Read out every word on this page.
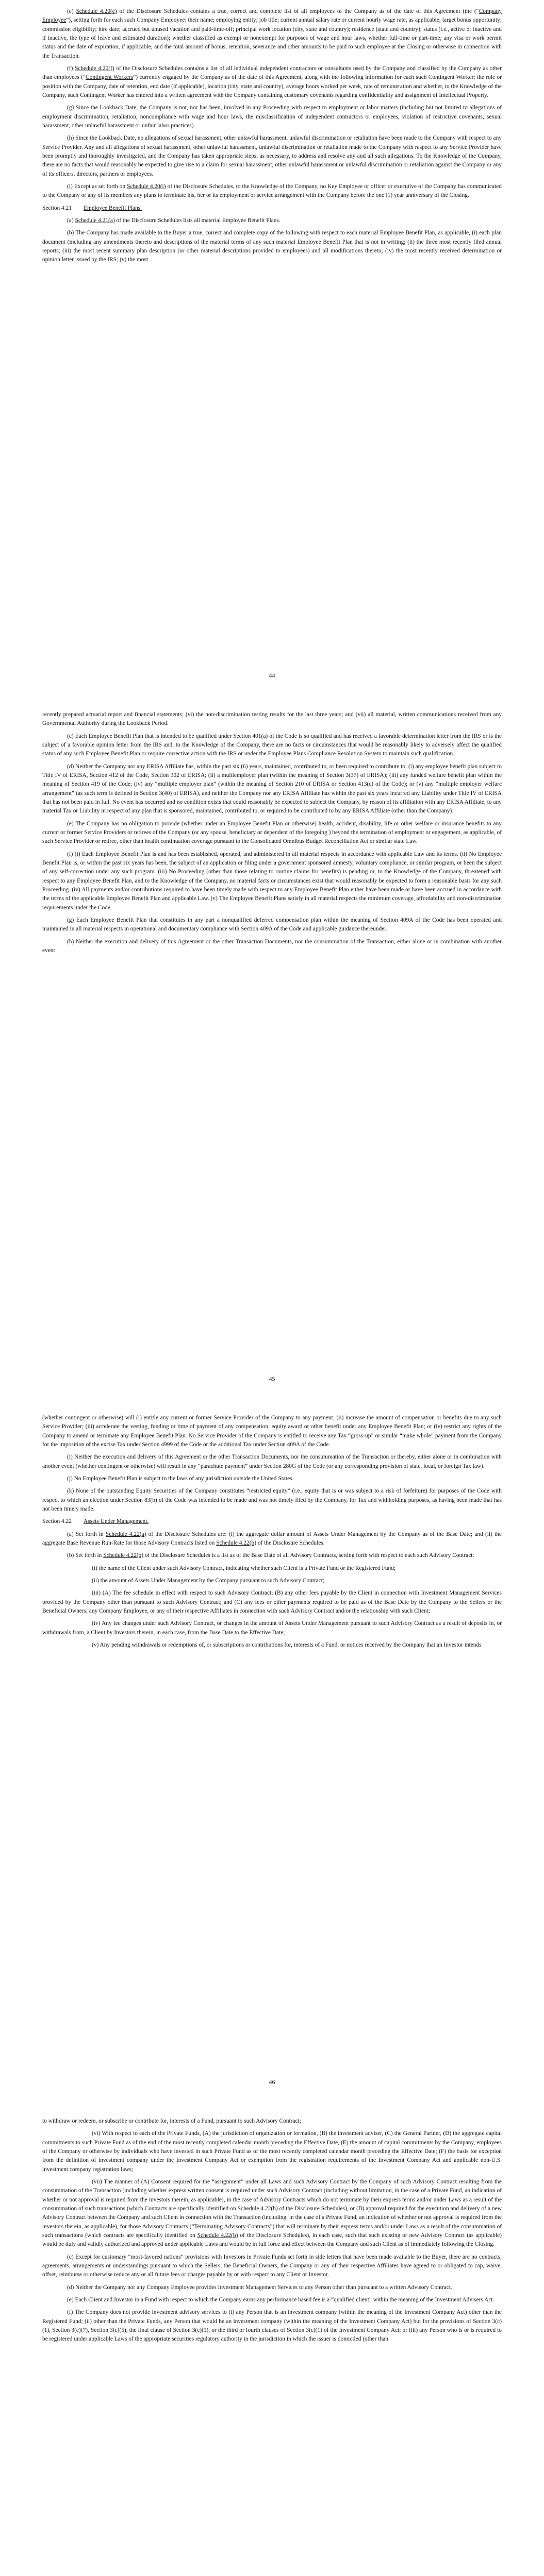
(e) Schedule 4.20(e) of the Disclosure Schedules contains a true, correct and complete list of all employees of the Company as of the date of this Agreement (the (“Company Employee”), setting forth for each such Company Employee: their name; employing entity; job title; current annual salary rate or current hourly wage rate, as applicable; target bonus opportunity; commission eligibility; hire date; accrued but unused vacation and paid-time-off; principal work location (city, state and country); residence (state and country); status (i.e., active or inactive and if inactive, the type of leave and estimated duration); whether classified as exempt or nonexempt for purposes of wage and hour laws, whether full-time or part-time; any visa or work permit status and the date of expiration, if applicable; and the total amount of bonus, retention, severance and other amounts to be paid to such employee at the Closing or otherwise in connection with the Transaction.

(f) Schedule 4.20(f) of the Disclosure Schedules contains a list of all individual independent contractors or consultants used by the Company and classified by the Company as other than employees (“Contingent Workers”) currently engaged by the Company as of the date of this Agreement, along with the following information for each such Contingent Worker: the role or position with the Company, date of retention, end date (if applicable), location (city, state and country), average hours worked per week, rate of remuneration and whether, to the Knowledge of the Company, such Contingent Worker has entered into a written agreement with the Company containing customary covenants regarding confidentiality and assignment of Intellectual Property.

(g) Since the Lookback Date, the Company is not, nor has been, involved in any Proceeding with respect to employment or labor matters (including but not limited to allegations of employment discrimination, retaliation, noncompliance with wage and hour laws, the misclassification of independent contractors or employees, violation of restrictive covenants, sexual harassment, other unlawful harassment or unfair labor practices).

(h) Since the Lookback Date, no allegations of sexual harassment, other unlawful harassment, unlawful discrimination or retaliation have been made to the Company with respect to any Service Provider. Any and all allegations of sexual harassment, other unlawful harassment, unlawful discrimination or retaliation made to the Company with respect to any Service Provider have been promptly and thoroughly investigated, and the Company has taken appropriate steps, as necessary, to address and resolve any and all such allegations. To the Knowledge of the Company, there are no facts that would reasonably be expected to give rise to a claim for sexual harassment, other unlawful harassment or unlawful discrimination or retaliation against the Company or any of its officers, directors, partners or employees.

(i) Except as set forth on Schedule 4.20(i) of the Disclosure Schedules, to the Knowledge of the Company, no Key Employee or officer or executive of the Company has communicated to the Company or any of its members any plans to terminate his, her or its employment or service arrangement with the Company before the one (1) year anniversary of the Closing.

Section 4.21 Employee Benefit Plans.

(a) Schedule 4.21(a) of the Disclosure Schedules lists all material Employee Benefit Plans.

(b) The Company has made available to the Buyer a true, correct and complete copy of the following with respect to each material Employee Benefit Plan, as applicable, (i) each plan document (including any amendments thereto and descriptions of the material terms of any such material Employee Benefit Plan that is not in writing; (ii) the three most recently filed annual reports; (iii) the most recent summary plan description (or other material descriptions provided to employees) and all modifications thereto; (iv) the most recently received determination or opinion letter issued by the IRS; (v) the most

44

recently prepared actuarial report and financial statements; (vi) the non-discrimination testing results for the last three years; and (vii) all material, written communications received from any Governmental Authority during the Lookback Period.

(c) Each Employee Benefit Plan that is intended to be qualified under Section 401(a) of the Code is so qualified and has received a favorable determination letter from the IRS or is the subject of a favorable opinion letter from the IRS and, to the Knowledge of the Company, there are no facts or circumstances that would be reasonably likely to adversely affect the qualified status of any such Employee Benefit Plan or require corrective action with the IRS or under the Employee Plans Compliance Resolution System to maintain such qualification.

(d) Neither the Company nor any ERISA Affiliate has, within the past six (6) years, maintained, contributed to, or been required to contribute to: (i) any employee benefit plan subject to Title IV of ERISA, Section 412 of the Code, Section 302 of ERISA; (ii) a multiemployer plan (within the meaning of Section 3(37) of ERISA); (iii) any funded welfare benefit plan within the meaning of Section 419 of the Code; (iv) any “multiple employer plan” (within the meaning of Section 210 of ERISA or Section 413(c) of the Code); or (v) any “multiple employer welfare arrangement” (as such term is defined in Section 3(40) of ERISA), and neither the Company nor any ERISA Affiliate has within the past six years incurred any Liability under Title IV of ERISA that has not been paid in full. No event has occurred and no condition exists that could reasonably be expected to subject the Company, by reason of its affiliation with any ERISA Affiliate, to any material Tax or Liability in respect of any plan that is sponsored, maintained, contributed to, or required to be contributed to by any ERISA Affiliate (other than the Company).

(e) The Company has no obligation to provide (whether under an Employee Benefit Plan or otherwise) health, accident, disability, life or other welfare or insurance benefits to any current or former Service Providers or retirees of the Company (or any spouse, beneficiary or dependent of the foregoing ) beyond the termination of employment or engagement, as applicable, of such Service Provider or retiree, other than health continuation coverage pursuant to the Consolidated Omnibus Budget Reconciliation Act or similar state Law.

(f) (i) Each Employee Benefit Plan is and has been established, operated, and administered in all material respects in accordance with applicable Law and its terms. (ii) No Employee Benefit Plan is, or within the past six years has been, the subject of an application or filing under a government sponsored amnesty, voluntary compliance, or similar program, or been the subject of any self-correction under any such program. (iii) No Proceeding (other than those relating to routine claims for benefits) is pending or, to the Knowledge of the Company, threatened with respect to any Employee Benefit Plan, and to the Knowledge of the Company, no material facts or circumstances exist that would reasonably be expected to form a reasonable basis for any such Proceeding. (iv) All payments and/or contributions required to have been timely made with respect to any Employee Benefit Plan either have been made or have been accrued in accordance with the terms of the applicable Employee Benefit Plan and applicable Law. (v) The Employee Benefit Plans satisfy in all material respects the minimum coverage, affordability and non-discrimination requirements under the Code.

(g) Each Employee Benefit Plan that constitutes in any part a nonqualified deferred compensation plan within the meaning of Section 409A of the Code has been operated and maintained in all material respects in operational and documentary compliance with Section 409A of the Code and applicable guidance thereunder.

(h) Neither the execution and delivery of this Agreement or the other Transaction Documents, nor the consummation of the Transaction, either alone or in combination with another event

45

(whether contingent or otherwise) will (i) entitle any current or former Service Provider of the Company to any payment; (ii) increase the amount of compensation or benefits due to any such Service Provider; (iii) accelerate the vesting, funding or time of payment of any compensation, equity award or other benefit under any Employee Benefit Plan; or (iv) restrict any rights of the Company to amend or terminate any Employee Benefit Plan. No Service Provider of the Company is entitled to receive any Tax “gross-up” or similar “make whole” payment from the Company for the imposition of the excise Tax under Section 4999 of the Code or the additional Tax under Section 409A of the Code.

(i) Neither the execution and delivery of this Agreement or the other Transaction Documents, nor the consummation of the Transaction or thereby, either alone or in combination with another event (whether contingent or otherwise) will result in any “parachute payment” under Section 280G of the Code (or any corresponding provision of state, local, or foreign Tax law).

(j) No Employee Benefit Plan is subject to the laws of any jurisdiction outside the United States.

(k) None of the outstanding Equity Securities of the Company constitutes “restricted equity” (i.e., equity that is or was subject to a risk of forfeiture) for purposes of the Code with respect to which an election under Section 83(b) of the Code was intended to be made and was not timely filed by the Company, for Tax and withholding purposes, as having been made that has not been timely made.

Section 4.22 Assets Under Management.

(a) Set forth in Schedule 4.22(a) of the Disclosure Schedules are: (i) the aggregate dollar amount of Assets Under Management by the Company as of the Base Date; and (ii) the aggregate Base Revenue Run-Rate for those Advisory Contracts listed on Schedule 4.22(b) of the Disclosure Schedules.

(b) Set forth in Schedule 4.22(b) of the Disclosure Schedules is a list as of the Base Date of all Advisory Contracts, setting forth with respect to each such Advisory Contract:

(i) the name of the Client under such Advisory Contract, indicating whether such Client is a Private Fund or the Registered Fund;

(ii) the amount of Assets Under Management by the Company pursuant to such Advisory Contract;

(iii) (A) The fee schedule in effect with respect to such Advisory Contract; (B) any other fees payable by the Client in connection with Investment Management Services provided by the Company other than pursuant to such Advisory Contract; and (C) any fees or other payments required to be paid as of the Base Date by the Company to the Sellers or the Beneficial Owners, any Company Employee, or any of their respective Affiliates in connection with such Advisory Contract and/or the relationship with such Client;

(iv) Any fee changes under such Advisory Contract, or changes in the amount of Assets Under Management pursuant to such Advisory Contract as a result of deposits in, or withdrawals from, a Client by Investors therein, in each case, from the Base Date to the Effective Date;

(v) Any pending withdrawals or redemptions of, or subscriptions or contributions for, interests of a Fund, or notices received by the Company that an Investor intends

46

to withdraw or redeem, or subscribe or contribute for, interests of a Fund, pursuant to such Advisory Contract;

(vi) With respect to each of the Private Funds, (A) the jurisdiction of organization or formation, (B) the investment adviser, (C) the General Partner, (D) the aggregate capital commitments to such Private Fund as of the end of the most recently completed calendar month preceding the Effective Date, (E) the amount of capital commitments by the Company, employees of the Company or otherwise by individuals who have invested in such Private Fund as of the most recently completed calendar month preceding the Effective Date; (F) the basis for exception from the definition of investment company under the Investment Company Act or exemption from the registration requirements of the Investment Company Act and applicable non-U.S. investment company registration laws;

(vii) The manner of (A) Consent required for the “assignment” under all Laws and such Advisory Contract by the Company of such Advisory Contract resulting from the consummation of the Transaction (including whether express written consent is required under such Advisory Contract (including without limitation, in the case of a Private Fund, an indication of whether or not approval is required from the investors therein, as applicable), in the case of Advisory Contracts which do not terminate by their express terms and/or under Laws as a result of the consummation of such transactions (which Contracts are specifically identified on Schedule 4.22(b) of the Disclosure Schedules), or (B) approval required for the execution and delivery of a new Advisory Contract between the Company and such Client in connection with the Transaction (including, in the case of a Private Fund, an indication of whether or not approval is required from the investors therein, as applicable), for those Advisory Contracts (“Terminating Advisory Contracts”) that will terminate by their express terms and/or under Laws as a result of the consummation of such transactions (which contracts are specifically identified on Schedule 4.22(b) of the Disclosure Schedules), in each case, such that such existing or new Advisory Contract (as applicable) would be duly and validly authorized and approved under applicable Laws and would be in full force and effect between the Company and such Client as of immediately following the Closing.

(c) Except for customary “most-favored nations” provisions with Investors in Private Funds set forth in side letters that have been made available to the Buyer, there are no contracts, agreements, arrangements or understandings pursuant to which the Sellers, the Beneficial Owners, the Company or any of their respective Affiliates have agreed to or obligated to cap, waive, offset, reimburse or otherwise reduce any or all future fees or charges payable by or with respect to any Client or Investor.

(d) Neither the Company nor any Company Employee provides Investment Management Services to any Person other than pursuant to a written Advisory Contract.

(e) Each Client and Investor in a Fund with respect to which the Company earns any performance based fee is a “qualified client” within the meaning of the Investment Advisers Act.

(f) The Company does not provide investment advisory services to (i) any Person that is an investment company (within the meaning of the Investment Company Act) other than the Registered Fund; (ii) other than the Private Funds, any Person that would be an investment company (within the meaning of the Investment Company Act) but for the provisions of Section 3(c)(1), Section 3(c)(7), Section 3(c)(5), the final clause of Section 3(c)(1), or the third or fourth clauses of Section 3(c)(1) of the Investment Company Act; or (iii) any Person who is or is required to be registered under applicable Laws of the appropriate securities regulatory authority in the jurisdiction in which the issuer is domiciled (other than
